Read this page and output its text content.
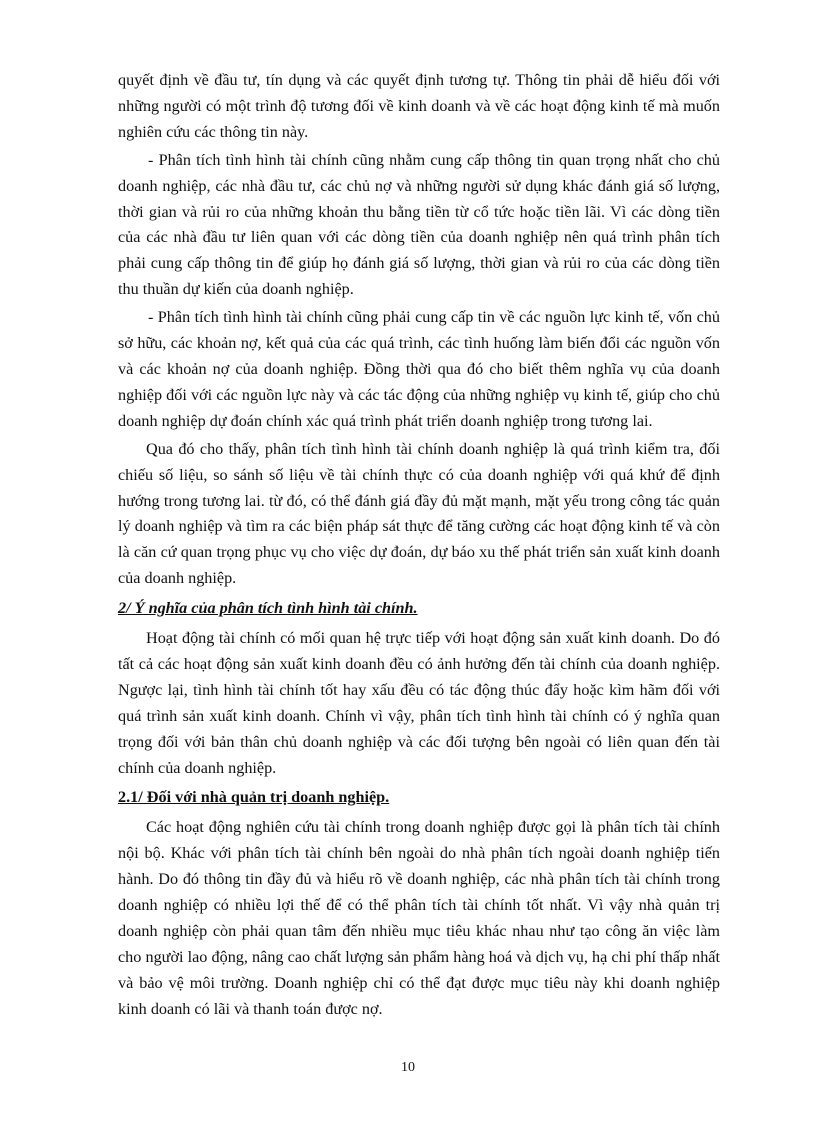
quyết định về đầu tư, tín dụng và các quyết định tương tự. Thông tin phải dễ hiểu đối với những người có một trình độ tương đối về kinh doanh và về các hoạt động kinh tế mà muốn nghiên cứu các thông tin này.

- Phân tích tình hình tài chính cũng nhằm cung cấp thông tin quan trọng nhất cho chủ doanh nghiệp, các nhà đầu tư, các chủ nợ và những người sử dụng khác đánh giá số lượng, thời gian và rủi ro của những khoản thu bằng tiền từ cổ tức hoặc tiền lãi. Vì các dòng tiền của các nhà đầu tư liên quan với các dòng tiền của doanh nghiệp nên quá trình phân tích phải cung cấp thông tin để giúp họ đánh giá số lượng, thời gian và rủi ro của các dòng tiền thu thuần dự kiến của doanh nghiệp.

- Phân tích tình hình tài chính cũng phải cung cấp tin về các nguồn lực kinh tế, vốn chủ sở hữu, các khoản nợ, kết quả của các quá trình, các tình huống làm biến đổi các nguồn vốn và các khoản nợ của doanh nghiệp. Đồng thời qua đó cho biết thêm nghĩa vụ của doanh nghiệp đối với các nguồn lực này và các tác động của những nghiệp vụ kinh tế, giúp cho chủ doanh nghiệp dự đoán chính xác quá trình phát triển doanh nghiệp trong tương lai.

Qua đó cho thấy, phân tích tình hình tài chính doanh nghiệp là quá trình kiểm tra, đối chiếu số liệu, so sánh số liệu về tài chính thực có của doanh nghiệp với quá khứ để định hướng trong tương lai. từ đó, có thể đánh giá đầy đủ mặt mạnh, mặt yếu trong công tác quản lý doanh nghiệp và tìm ra các biện pháp sát thực để tăng cường các hoạt động kinh tế và còn là căn cứ quan trọng phục vụ cho việc dự đoán, dự báo xu thế phát triển sản xuất kinh doanh của doanh nghiệp.

2/ Ý nghĩa của phân tích tình hình tài chính.

Hoạt động tài chính có mối quan hệ trực tiếp với hoạt động sản xuất kinh doanh. Do đó tất cả các hoạt động sản xuất kinh doanh đều có ảnh hưởng đến tài chính của doanh nghiệp. Ngược lại, tình hình tài chính tốt hay xấu đều có tác động thúc đẩy hoặc kìm hãm đối với quá trình sản xuất kinh doanh. Chính vì vậy, phân tích tình hình tài chính có ý nghĩa quan trọng đối với bản thân chủ doanh nghiệp và các đối tượng bên ngoài có liên quan đến tài chính của doanh nghiệp.

2.1/ Đối với nhà quản trị doanh nghiệp.

Các hoạt động nghiên cứu tài chính trong doanh nghiệp được gọi là phân tích tài chính nội bộ. Khác với phân tích tài chính bên ngoài do nhà phân tích ngoài doanh nghiệp tiến hành. Do đó thông tin đầy đủ và hiểu rõ về doanh nghiệp, các nhà phân tích tài chính trong doanh nghiệp có nhiều lợi thế để có thể phân tích tài chính tốt nhất. Vì vậy nhà quản trị doanh nghiệp còn phải quan tâm đến nhiều mục tiêu khác nhau như tạo công ăn việc làm cho người lao động, nâng cao chất lượng sản phẩm hàng hoá và dịch vụ, hạ chi phí thấp nhất và bảo vệ môi trường. Doanh nghiệp chỉ có thể đạt được mục tiêu này khi doanh nghiệp kinh doanh có lãi và thanh toán được nợ.

10
